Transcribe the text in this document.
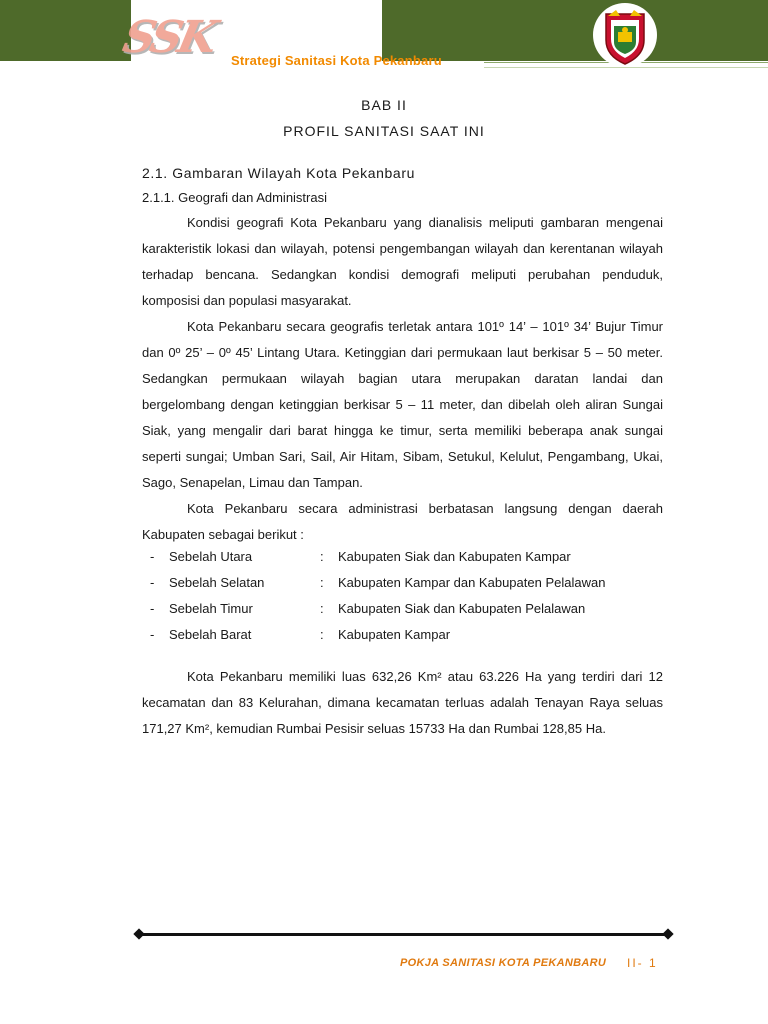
SSK Strategi Sanitasi Kota Pekanbaru
BAB II
PROFIL SANITASI SAAT INI
2.1. Gambaran Wilayah Kota Pekanbaru
2.1.1. Geografi dan Administrasi

Kondisi geografi Kota Pekanbaru yang dianalisis meliputi gambaran mengenai karakteristik lokasi dan wilayah, potensi pengembangan wilayah dan kerentanan wilayah terhadap bencana. Sedangkan kondisi demografi meliputi perubahan penduduk, komposisi dan populasi masyarakat.

Kota Pekanbaru secara geografis terletak antara 101º 14’ – 101º 34’ Bujur Timur dan 0º 25’ – 0º 45’ Lintang Utara. Ketinggian dari permukaan laut berkisar 5 – 50 meter. Sedangkan permukaan wilayah bagian utara merupakan daratan landai dan bergelombang dengan ketinggian berkisar 5 – 11 meter, dan dibelah oleh aliran Sungai Siak, yang mengalir dari barat hingga ke timur, serta memiliki beberapa anak sungai seperti sungai; Umban Sari, Sail, Air Hitam, Sibam, Setukul, Kelulut, Pengambang, Ukai, Sago, Senapelan, Limau dan Tampan.

Kota Pekanbaru secara administrasi berbatasan langsung dengan daerah Kabupaten sebagai berikut :

- Sebelah Utara	: Kabupaten Siak dan Kabupaten Kampar
- Sebelah Selatan	: Kabupaten Kampar dan Kabupaten Pelalawan
- Sebelah Timur	: Kabupaten Siak dan Kabupaten Pelalawan
- Sebelah Barat	: Kabupaten Kampar

Kota Pekanbaru memiliki luas 632,26 Km² atau 63.226 Ha yang terdiri dari 12 kecamatan dan 83 Kelurahan, dimana kecamatan terluas adalah Tenayan Raya seluas 171,27 Km², kemudian Rumbai Pesisir seluas 15733 Ha dan Rumbai 128,85 Ha.

POKJA SANITASI KOTA PEKANBARU II- 1
